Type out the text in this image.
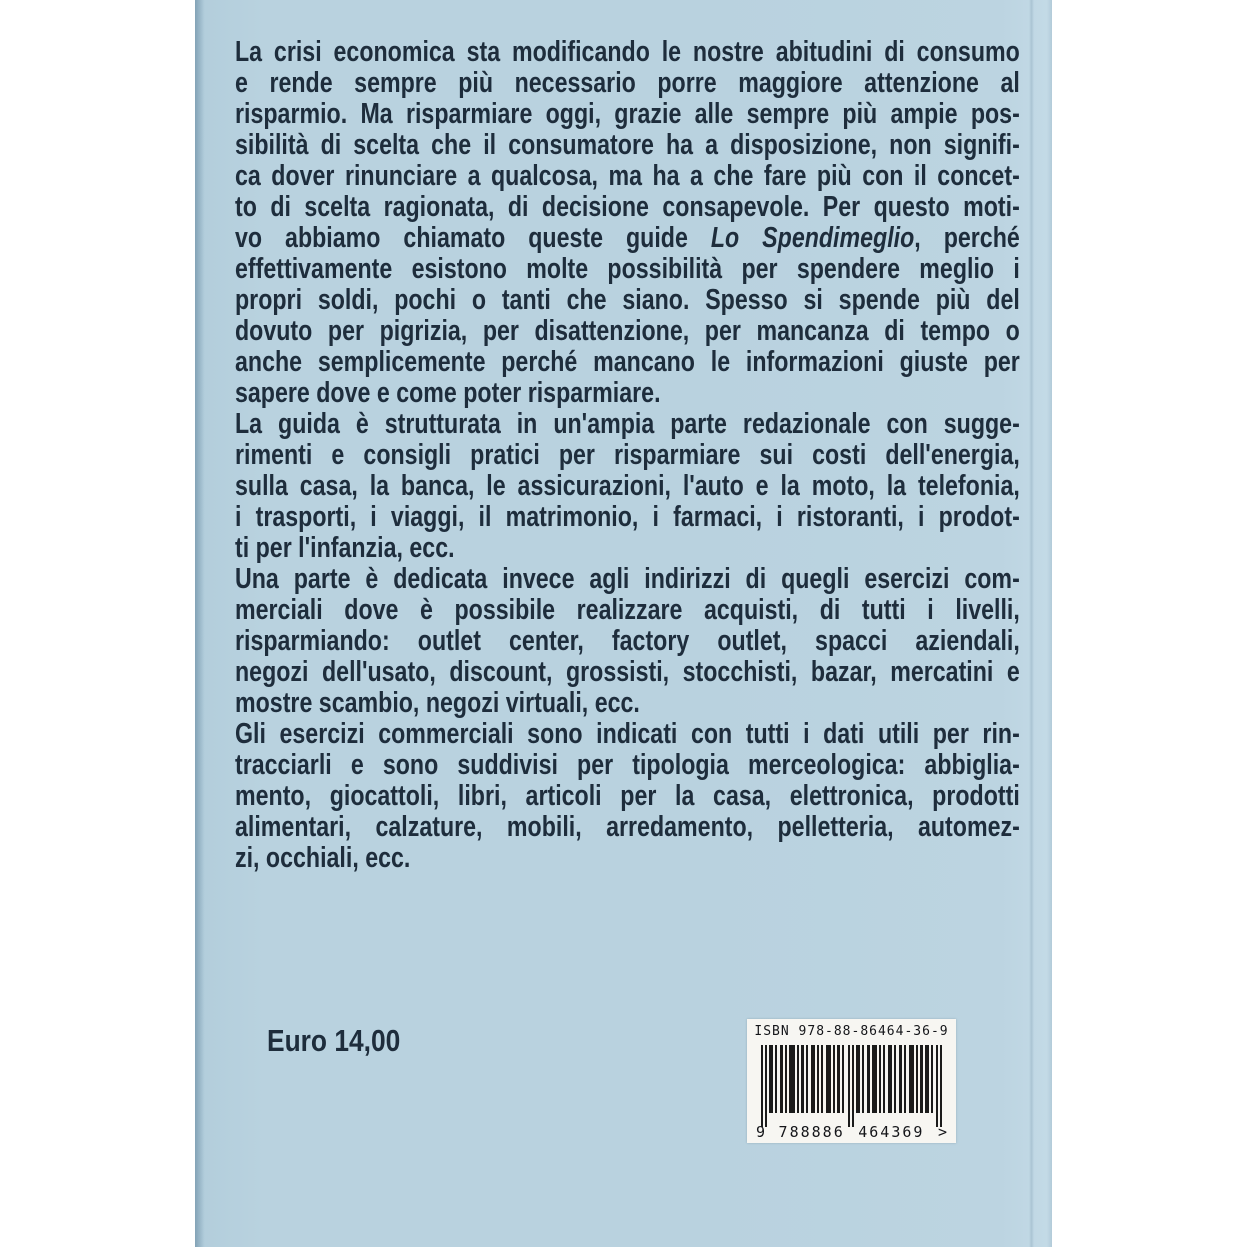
La crisi economica sta modificando le nostre abitudini di consumo
e rende sempre più necessario porre maggiore attenzione al
risparmio. Ma risparmiare oggi, grazie alle sempre più ampie pos-
sibilità di scelta che il consumatore ha a disposizione, non signifi-
ca dover rinunciare a qualcosa, ma ha a che fare più con il concet-
to di scelta ragionata, di decisione consapevole. Per questo moti-
vo abbiamo chiamato queste guide Lo Spendimeglio, perché
effettivamente esistono molte possibilità per spendere meglio i
propri soldi, pochi o tanti che siano. Spesso si spende più del
dovuto per pigrizia, per disattenzione, per mancanza di tempo o
anche semplicemente perché mancano le informazioni giuste per
sapere dove e come poter risparmiare.
La guida è strutturata in un'ampia parte redazionale con sugge-
rimenti e consigli pratici per risparmiare sui costi dell'energia,
sulla casa, la banca, le assicurazioni, l'auto e la moto, la telefonia,
i trasporti, i viaggi, il matrimonio, i farmaci, i ristoranti, i prodot-
ti per l'infanzia, ecc.
Una parte è dedicata invece agli indirizzi di quegli esercizi com-
merciali dove è possibile realizzare acquisti, di tutti i livelli,
risparmiando: outlet center, factory outlet, spacci aziendali,
negozi dell'usato, discount, grossisti, stocchisti, bazar, mercatini e
mostre scambio, negozi virtuali, ecc.
Gli esercizi commerciali sono indicati con tutti i dati utili per rin-
tracciarli e sono suddivisi per tipologia merceologica: abbiglia-
mento, giocattoli, libri, articoli per la casa, elettronica, prodotti
alimentari, calzature, mobili, arredamento, pelletteria, automez-
zi, occhiali, ecc.
Euro 14,00	ISBN 978-88-86464-36-9
9 788886 464369 >
